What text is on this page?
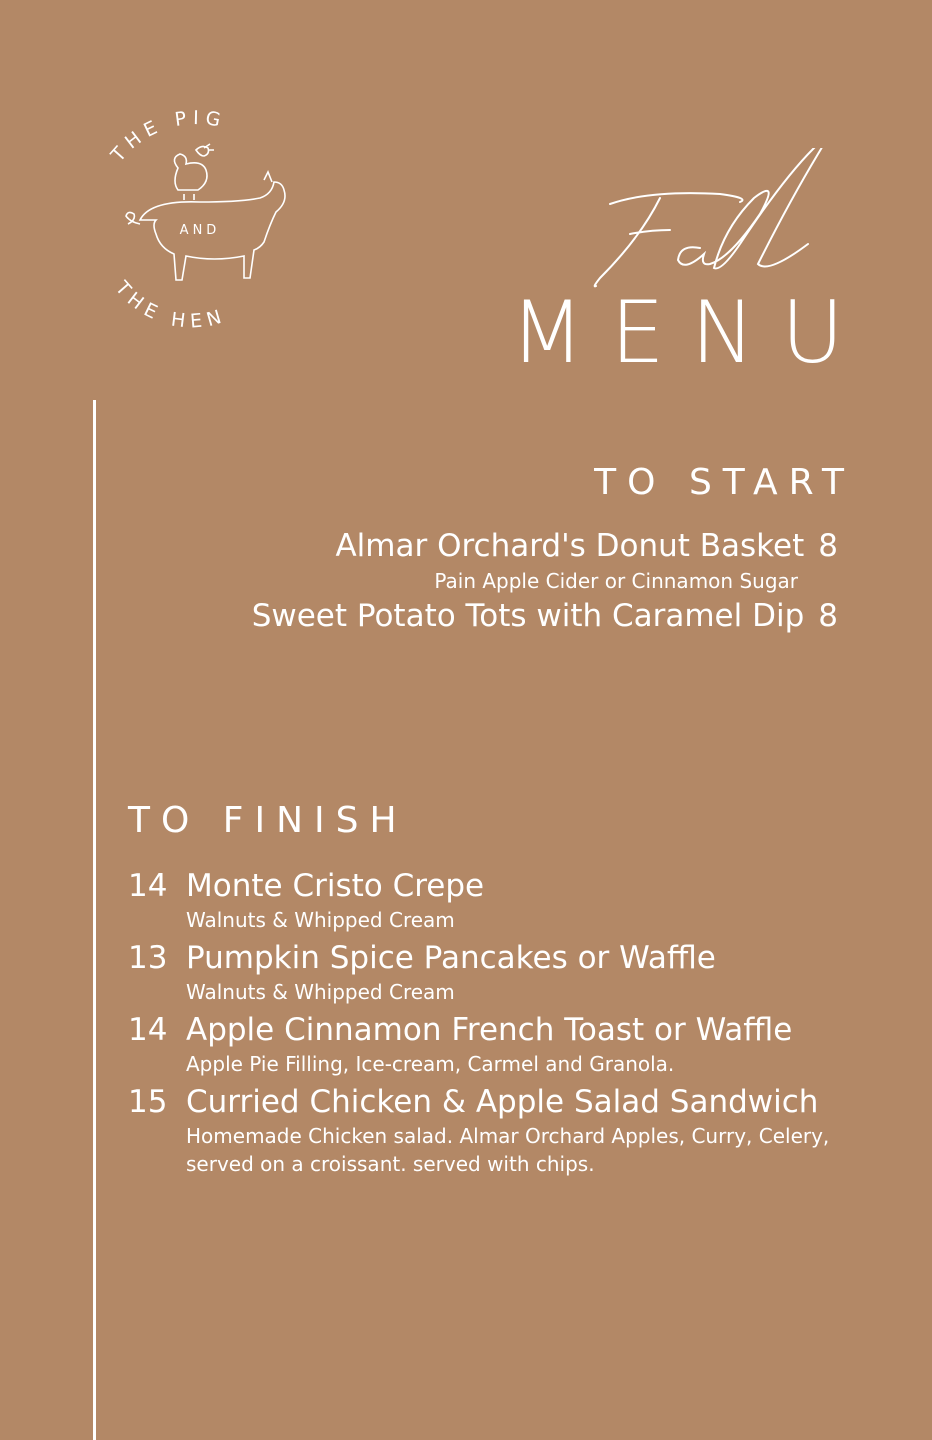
THE PIG
THE HEN
AND
MENU
TO START
Almar Orchard's Donut Basket 8
Pain Apple Cider or Cinnamon Sugar
Sweet Potato Tots with Caramel Dip 8
TO FINISH
14 Monte Cristo Crepe
Walnuts & Whipped Cream
13 Pumpkin Spice Pancakes or Waffle
Walnuts & Whipped Cream
14 Apple Cinnamon French Toast or Waffle
Apple Pie Filling, Ice-cream, Carmel and Granola.
15 Curried Chicken & Apple Salad Sandwich
Homemade Chicken salad. Almar Orchard Apples, Curry, Celery, served on a croissant. served with chips.
